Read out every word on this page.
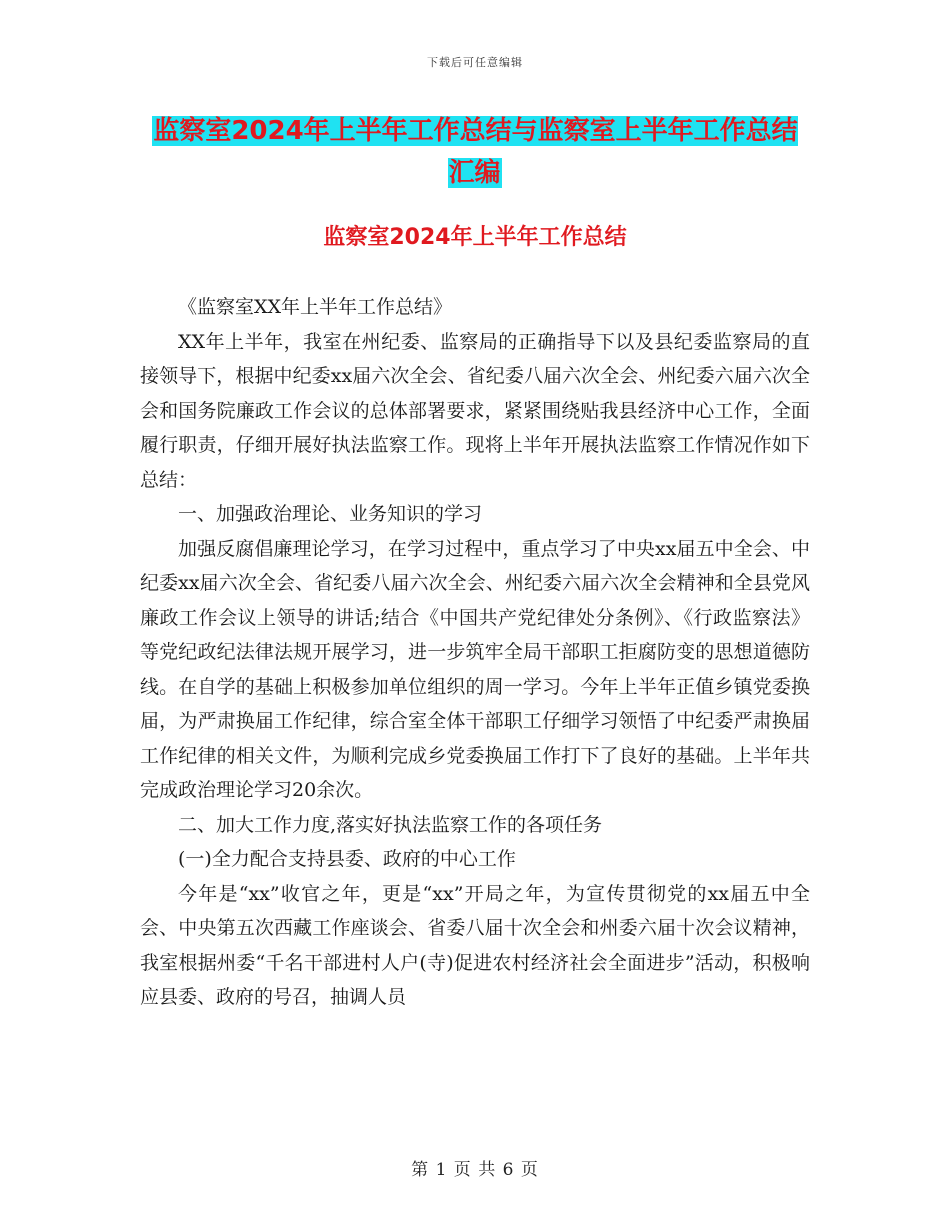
下载后可任意编辑
监察室2024年上半年工作总结与监察室上半年工作总结汇编
监察室2024年上半年工作总结

《监察室XX年上半年工作总结》

XX年上半年，我室在州纪委、监察局的正确指导下以及县纪委监察局的直接领导下，根据中纪委xx届六次全会、省纪委八届六次全会、州纪委六届六次全会和国务院廉政工作会议的总体部署要求，紧紧围绕贴我县经济中心工作，全面履行职责，仔细开展好执法监察工作。现将上半年开展执法监察工作情况作如下总结：

一、加强政治理论、业务知识的学习

加强反腐倡廉理论学习，在学习过程中，重点学习了中央xx届五中全会、中纪委xx届六次全会、省纪委八届六次全会、州纪委六届六次全会精神和全县党风廉政工作会议上领导的讲话;结合《中国共产党纪律处分条例》、《行政监察法》等党纪政纪法律法规开展学习，进一步筑牢全局干部职工拒腐防变的思想道德防线。在自学的基础上积极参加单位组织的周一学习。今年上半年正值乡镇党委换届，为严肃换届工作纪律，综合室全体干部职工仔细学习领悟了中纪委严肃换届工作纪律的相关文件，为顺利完成乡党委换届工作打下了良好的基础。上半年共完成政治理论学习20余次。

二、加大工作力度,落实好执法监察工作的各项任务

(一)全力配合支持县委、政府的中心工作

今年是“xx”收官之年，更是“xx”开局之年，为宣传贯彻党的xx届五中全会、中央第五次西藏工作座谈会、省委八届十次全会和州委六届十次会议精神，我室根据州委“千名干部进村人户(寺)促进农村经济社会全面进步”活动，积极响应县委、政府的号召，抽调人员

第 1 页 共 6 页
